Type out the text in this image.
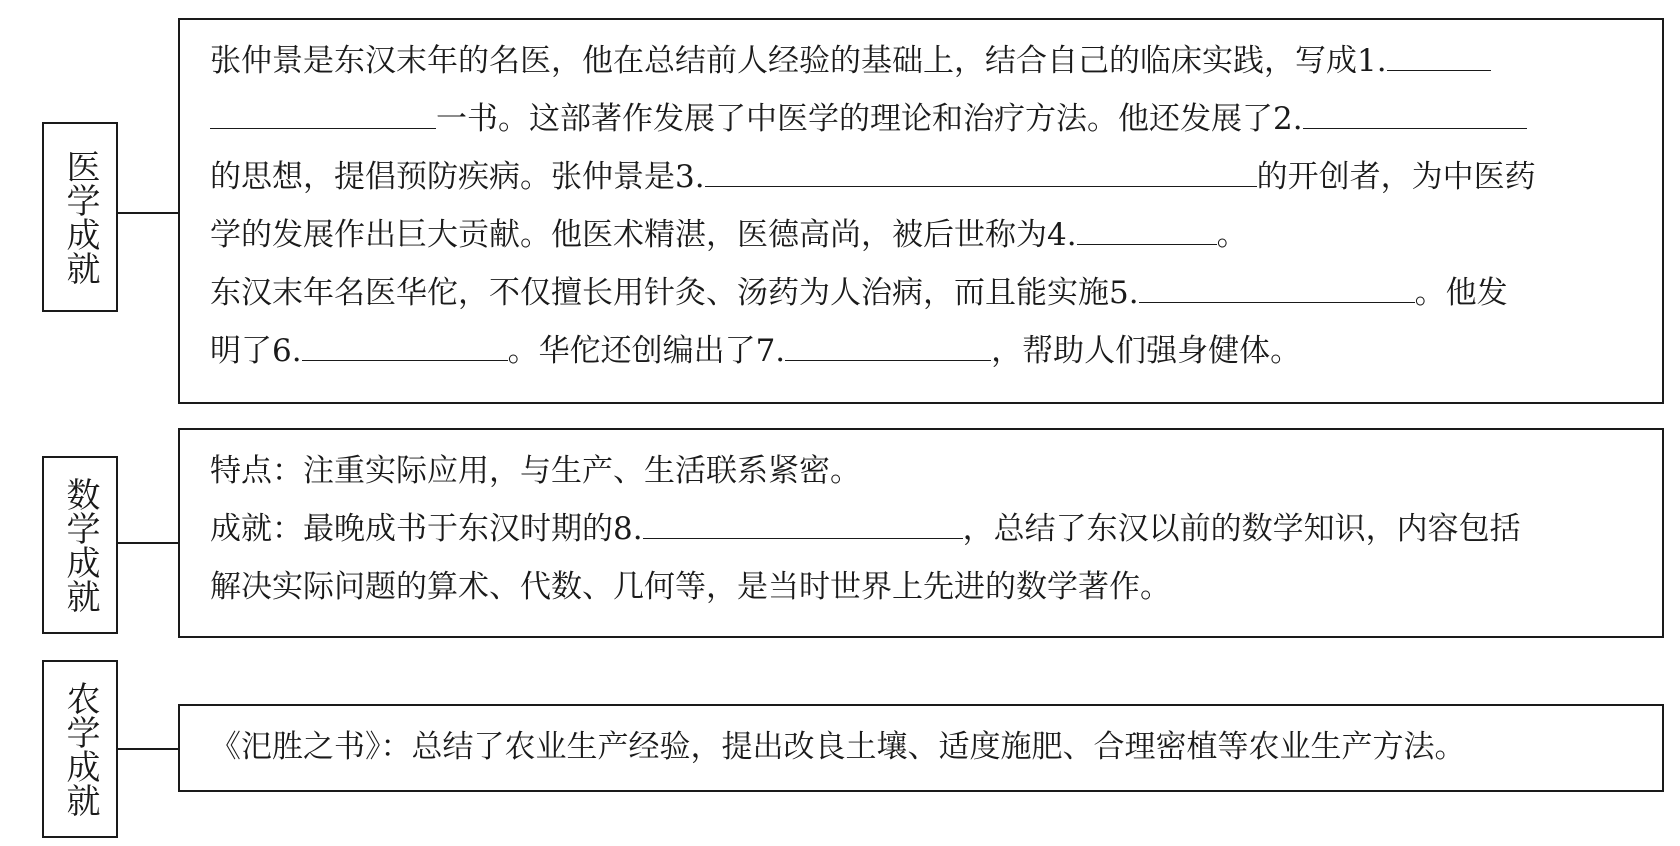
医学成就
张仲景是东汉末年的名医，他在总结前人经验的基础上，结合自己的临床实践，写成1.
一书。这部著作发展了中医学的理论和治疗方法。他还发展了2.
的思想，提倡预防疾病。张仲景是3.	的开创者，为中医药
学的发展作出巨大贡献。他医术精湛，医德高尚，被后世称为4.	。
东汉末年名医华佗，不仅擅长用针灸、汤药为人治病，而且能实施5.	。他发
明了6.	。华佗还创编出了7.	，帮助人们强身健体。
数学成就
特点：注重实际应用，与生产、生活联系紧密。
成就：最晚成书于东汉时期的8.	，总结了东汉以前的数学知识，内容包括
解决实际问题的算术、代数、几何等，是当时世界上先进的数学著作。
农学成就	《汜胜之书》：总结了农业生产经验，提出改良土壤、适度施肥、合理密植等农业生产方法。
